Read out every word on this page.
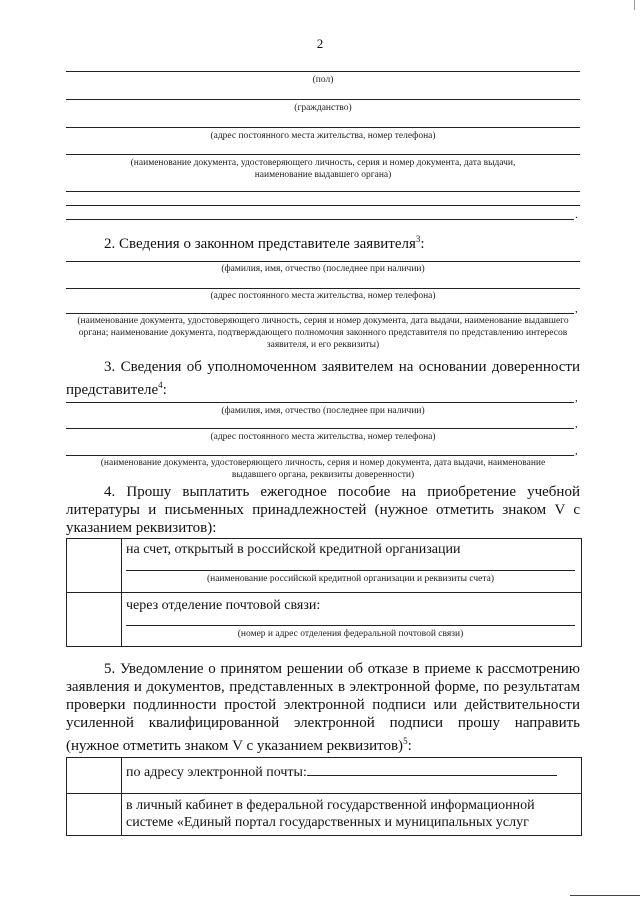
2
(пол)
(гражданство)
(адрес постоянного места жительства, номер телефона)
(наименование документа, удостоверяющего личность, серия и номер документа, дата выдачи, наименование выдавшего органа)
.
2. Сведения о законном представителе заявителя$^3$:
(фамилия, имя, отчество (последнее при наличии)
(адрес постоянного места жительства, номер телефона)
,
(наименование документа, удостоверяющего личность, серия и номер документа, дата выдачи, наименование выдавшего органа; наименование документа, подтверждающего полномочия законного представителя по представлению интересов заявителя, и его реквизиты)
3. Сведения об уполномоченном заявителем на основании доверенности представителе$^4$:	,
(фамилия, имя, отчество (последнее при наличии)
,
(адрес постоянного места жительства, номер телефона)
,
(наименование документа, удостоверяющего личность, серия и номер документа, дата выдачи, наименование выдавшего органа, реквизиты доверенности)
4. Прошу выплатить ежегодное пособие на приобретение учебной литературы и письменных принадлежностей (нужное отметить знаком V с указанием реквизитов):

	на счет, открытый в российской кредитной организации
(наименование российской кредитной организации и реквизиты счета)

	через отделение почтовой связи:
(номер и адрес отделения федеральной почтовой связи)
5. Уведомление о принятом решении об отказе в приеме к рассмотрению заявления и документов, представленных в электронной форме, по результатам проверки подлинности простой электронной подписи или действительности усиленной квалифицированной электронной подписи прошу направить (нужное отметить знаком V с указанием реквизитов)$^5$:
	по адресу электронной почты:

	в личный кабинет в федеральной государственной информационной системе «Единый портал государственных и муниципальных услуг
